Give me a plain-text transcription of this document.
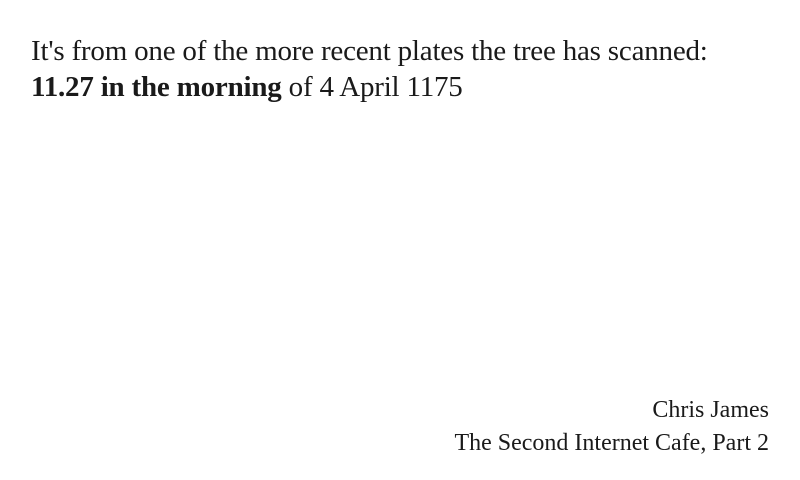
It's from one of the more recent plates the tree has scanned: 11.27 in the morning of 4 April 1175

Chris James
The Second Internet Cafe, Part 2
